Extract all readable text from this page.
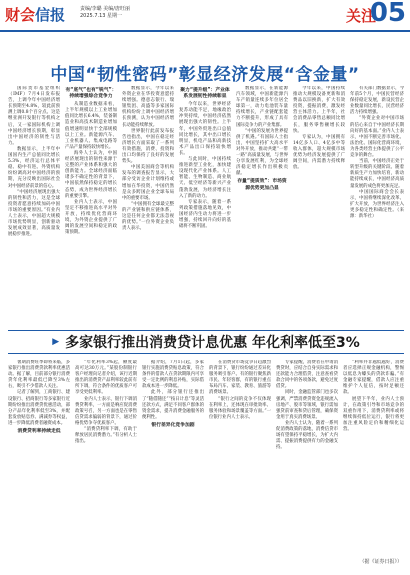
财会信报	责编/李璐 美编/唐旺丽
2025.7.13 星期一	关注
05
中国“韧性密码”彰显经济发展“含金量”

国际货币基金组织（IMF）7月4日发布报告，上调今年中国经济增长预期至4.8%，较此前预测上调0.8个百分点。这是继亚洲开发银行等机构之后，又一家国际机构上调中国经济增长预期，彰显出中国经济的韧性与活力。

数据显示，上半年中国国内生产总值同比增长5.3%，经济运行总体平稳、稳中有进。外资机构纷纷调高对中国经济的预期，充分反映出国际社会对中国经济前景的信心。

“中国经济展现出强大的韧性和活力，这是全球投资者愿意持续加码中国市场的重要原因。”有业内人士表示，中国超大规模市场优势明显，创新驱动发展成效显著，高质量发展稳步推进。

有“底气”也有“锐气”：持续增强综合竞争力

从制造业数据来看，上半年规模以上工业增加值同比增长6.4%，装备制造业和高技术制造业增加值增速明显快于全部规模以上工业。新能源汽车、工业机器人、集成电路等产品产量保持较快增长。

海外人士认为，中国经济展现出的韧性来源于完整的产业体系和强大的创新能力。全球经济面临诸多不确定性的背景下，中国依然保持稳定的增长态势，成为世界经济增长的重要引擎。

业内人士表示，中国坚定不移推进高水平对外开放，持续优化营商环境，为外资企业提供了广阔的发展空间和稳定的政策预期。

数据显示，今年以来外资企业在华投资意愿持续增强。德意志银行、瑞银集团、高盛等多家国际机构纷纷上调中国经济增长预测，认为中国经济增长动能持续释放。

世界银行此前发布报告也指出，中国在稳定经济增长方面采取了一系列有效措施，消费、投资和出口均保持了良好的发展势头。

中国美国商会等机构发布的调查报告显示，大部分受访企业计划维持或增加在华投资，中国仍然是众多跨国企业全球布局中的重要市场。

“中国拥有全球最完整的产业链和供应链体系，这是任何企业都无法忽视的优势。”一位外资企业负责人表示。

聚力“提升级”：产业体系发展韧性持续彰显

今年以来，世界经济复苏动能不足，地缘政治冲突持续，中国经济依然展现出强大的韧性。上半年，中国外贸进出口总值同比增长，其中出口增长明显，机电产品和高新技术产品出口保持较快增长。

与此同时，中国持续推进新型工业化，加快建设现代化产业体系。人工智能、生物制造、商业航天、低空经济等新兴产业蓬勃发展，为经济增长注入了新的动力。

专家表示，随着一系列政策措施落地见效，中国经济内生动力将进一步增强，持续回升向好的基础将不断巩固。

数据显示，在新能源汽车领域，中国新能源汽车产销量连续多年位居全球第一，动力电池装车量持续增长，产业链配套能力不断提升，形成了具有国际竞争力的产业集群。

“中国的发展为世界提供了机遇。”有国际人士指出，中国坚持扩大高水平对外开放，推动共建“一带一路”高质量发展，与世界分享发展红利，为全球经济稳定增长作出积极贡献。

存量“提质效”：市场资源优势更加凸显

今年以来，中国持续推动大规模设备更新和消费品以旧换新，扩大有效投资，提振消费，激发经营主体活力。上半年，社会消费品零售总额同比增长，服务零售额增长较快。

专家认为，中国拥有14亿多人口、4亿多中等收入群体，超大规模市场优势为经济发展提供了广阔空间，内需潜力持续释放。

有关部门数据显示，今年前5个月，中国民营经济保持稳定发展，新设民营企业数量同比增长，民营经济活力持续增强。

“外资企业对中国市场的信心来自于中国经济长期向好的基本面。”业内人士表示，中国不断完善市场化、法治化、国际化营商环境，为各类经营主体提供了公平竞争的舞台。

当前，中国经济正处于转型升级的关键阶段。随着新质生产力加快培育，新动能持续成长，中国经济高质量发展的成色将更加充足。

中国国际商会会长表示，中国将继续深化改革、扩大开放，为世界经济注入更多稳定性和确定性。（来源：新华社）

▶ 多家银行推出消费贷计息优惠 年化利率低至3%

暑期消费旺季即将来临，多家银行推出消费贷款利率优惠活动。据了解，目前部分银行消费贷年化利率最低已降至3%左右，吸引不少借款人关注。

记者了解到，工商银行、建设银行、招商银行等多家银行近期纷纷推出消费贷优惠活动，部分产品年化利率低至3%，并配套发放贴息券、满减券等权益，进一步降低消费者融资成本。

消费贷利率持续走低

“年化利率3%起，额度最高可达30万元。”某股份制银行客户经理向记者介绍，该行近期推出的消费贷产品利率较此前有所下调，符合条件的优质客户可享受更低利率。

业内人士表示，银行下调消费贷利率，一方面是响应促消费政策号召，另一方面也是在零售信贷需求偏弱的背景下，通过价格优势争夺优质客户。

“消费贷利率下调，有助于释放居民消费潜力。”有分析人士指出。

据介绍，7月1日起，多家银行实施消费贷贴息政策，符合条件的借款人在贷款期限内可享受一定比例的利息补贴，实际借款成本进一步降低。

此外，部分银行还推出了“随借随还”“按日计息”等灵活还款方式，满足不同客户群体的资金需求，提升消费金融服务的便利性。

银行差异化竞争加剧

在消费贷市场竞争日趋激烈的背景下，银行纷纷通过差异化服务吸引客户。有的银行聚焦新市民、年轻客群，有的银行重点布局汽车、家装、教育、旅游等消费场景。

“银行之间的竞争不仅体现在利率上，还体现在审批效率、服务体验和场景覆盖等方面。”一位银行业内人士表示。

专家提醒，消费者在申请消费贷时，应结合自身实际需求和还款能力合理借贷，注意查看贷款合同中的各项条款，避免过度借贷。

同时，金融监管部门也多次强调，严禁消费贷资金违规流入房地产、股市等领域，银行需加强贷前审查和贷后管理，确保资金用于真实消费场景。

业内人士认为，随着一系列促消费政策的落地，消费信贷市场有望保持平稳增长，为扩大内需、提振消费提供有力的金融支持。

“利率并非越低越好，消费者应选择正规金融机构，警惕以低息为噱头的贷款诈骗。”有金融专家提醒，借款人应注重维护个人征信，按时足额还款。

展望下半年，业内人士预计，在政策引导和市场竞争的双重作用下，消费贷利率或将继续保持低位运行，银行将更加注重风险定价和精细化运营。

（据《证券日报》）
